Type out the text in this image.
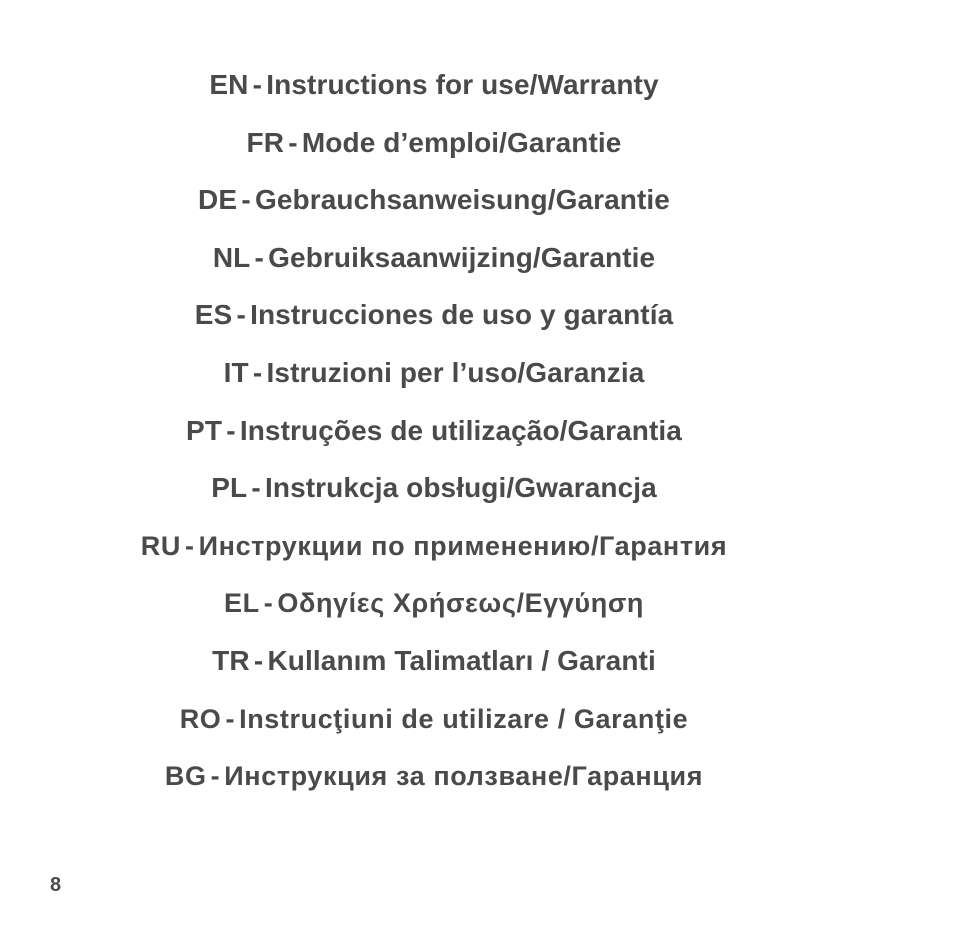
EN - Instructions for use/Warranty
FR - Mode d’emploi/Garantie
DE - Gebrauchsanweisung/Garantie
NL - Gebruiksaanwijzing/Garantie
ES - Instrucciones de uso y garantía
IT - Istruzioni per l’uso/Garanzia
PT - Instruções de utilização/Garantia
PL - Instrukcja obsługi/Gwarancja
RU - Инструкции по применению/Гарантия
EL - Οδηγίες Χρήσεως/Εγγύηση
TR - Kullanım Talimatları / Garanti
RO - Instrucţiuni de utilizare / Garanţie
BG - Инструкция за ползване/Гаранция
8
